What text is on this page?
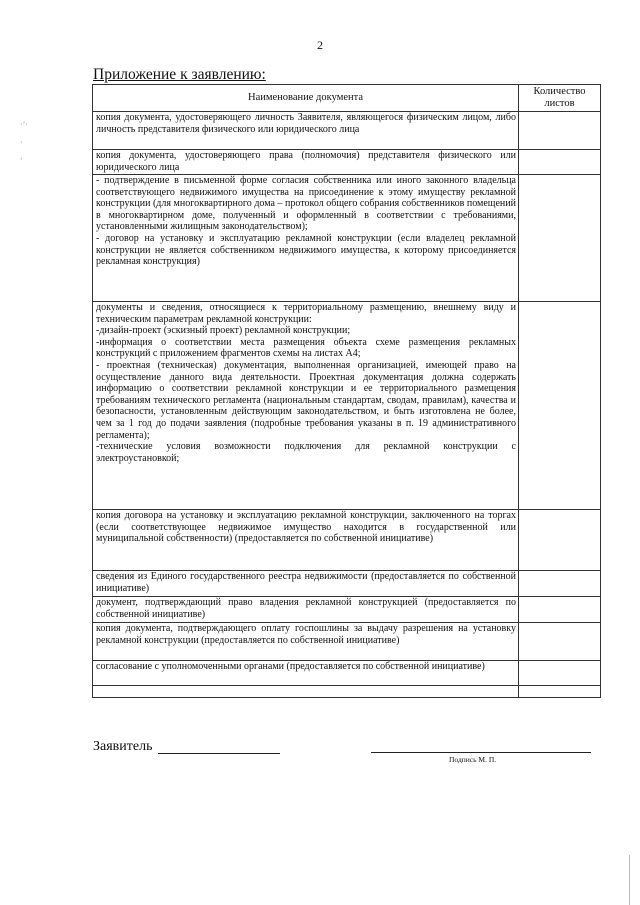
2
Приложение к заявлению:
·’·
·
‘
Наименование документа	Количество
листов
копия документа, удостоверяющего личность Заявителя, являющегося физическим лицом, либо личность представителя физического или юридического лица	
копия документа, удостоверяющего права (полномочия) представителя физического или юридического лица	
- подтверждение в письменной форме согласия собственника или иного законного владельца соответствующего недвижимого имущества на присоединение к этому имуществу рекламной конструкции (для многоквартирного дома – протокол общего собрания собственников помещений в многоквартирном доме, полученный и оформленный в соответствии с требованиями, установленными жилищным законодательством);
- договор на установку и эксплуатацию рекламной конструкции (если владелец рекламной конструкции не является собственником недвижимого имущества, к которому присоединяется рекламная конструкция)	
документы и сведения, относящиеся к территориальному размещению, внешнему виду и техническим параметрам рекламной конструкции:
-дизайн-проект (эскизный проект) рекламной конструкции;
-информация о соответствии места размещения объекта схеме размещения рекламных конструкций с приложением фрагментов схемы на листах А4;
- проектная (техническая) документация, выполненная организацией, имеющей право на осуществление данного вида деятельности. Проектная документация должна содержать информацию о соответствии рекламной конструкции и ее территориального размещения требованиям технического регламента (национальным стандартам, сводам, правилам), качества и безопасности, установленным действующим законодательством, и быть изготовлена не более, чем за 1 год до подачи заявления (подробные требования указаны в п. 19 административного регламента);
-технические условия возможности подключения для рекламной конструкции с электроустановкой;	
копия договора на установку и эксплуатацию рекламной конструкции, заключенного на торгах (если соответствующее недвижимое имущество находится в государственной или муниципальной собственности) (предоставляется по собственной инициативе)	
сведения из Единого государственного реестра недвижимости (предоставляется по собственной инициативе)	
документ, подтверждающий право владения рекламной конструкцией (предоставляется по собственной инициативе)	
копия документа, подтверждающего оплату госпошлины за выдачу разрешения на установку рекламной конструкции (предоставляется по собственной инициативе)	
согласование с уполномоченными органами (предоставляется по собственной инициативе)	

Заявитель
Подпись М. П.
